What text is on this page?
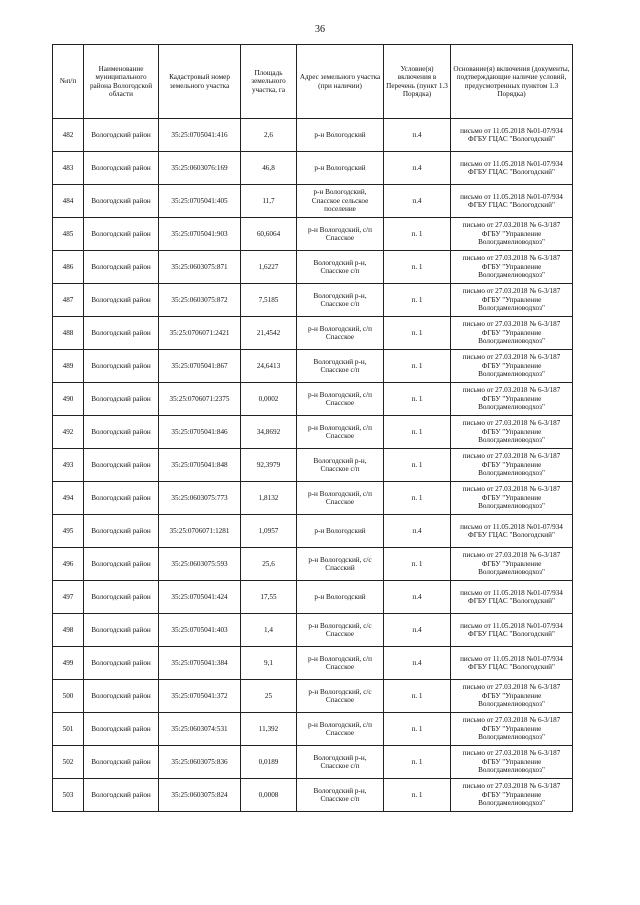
36
№п/п	Наименование муниципального района Вологодской области	Кадастровый номер земельного участка	Площадь земельного участка, га	Адрес земельного участка (при наличии)	Условие(я) включения в Перечень (пункт 1.3 Порядка)	Основание(я) включения (документы, подтверждающие наличие условий, предусмотренных пунктом 1.3 Порядка)
482	Вологодский район	35:25:0705041:416	2,6	р-н Вологодский	п.4	письмо от 11.05.2018 №01-07/934 ФГБУ ГЦАС "Вологодский"
483	Вологодский район	35:25:0603076:169	46,8	р-н Вологодский	п.4	письмо от 11.05.2018 №01-07/934 ФГБУ ГЦАС "Вологодский"
484	Вологодский район	35:25:0705041:405	11,7	р-н Вологодский, Спасское сельское поселение	п.4	письмо от 11.05.2018 №01-07/934 ФГБУ ГЦАС "Вологодский"
485	Вологодский район	35:25:0705041:903	60,6064	р-н Вологодский, с/п Спасское	п. 1	письмо от 27.03.2018 № 6-3/187 ФГБУ "Управление Вологдамелиоводхоз"
486	Вологодский район	35:25:0603075:871	1,6227	Вологодский р-н, Спасское с/п	п. 1	письмо от 27.03.2018 № 6-3/187 ФГБУ "Управление Вологдамелиоводхоз"
487	Вологодский район	35:25:0603075:872	7,5185	Вологодский р-н, Спасское с/п	п. 1	письмо от 27.03.2018 № 6-3/187 ФГБУ "Управление Вологдамелиоводхоз"
488	Вологодский район	35:25:0706071:2421	21,4542	р-н Вологодский, с/п Спасское	п. 1	письмо от 27.03.2018 № 6-3/187 ФГБУ "Управление Вологдамелиоводхоз"
489	Вологодский район	35:25:0705041:867	24,6413	Вологодский р-н, Спасское с/п	п. 1	письмо от 27.03.2018 № 6-3/187 ФГБУ "Управление Вологдамелиоводхоз"
490	Вологодский район	35:25:0706071:2375	0,0002	р-н Вологодский, с/п Спасское	п. 1	письмо от 27.03.2018 № 6-3/187 ФГБУ "Управление Вологдамелиоводхоз"
492	Вологодский район	35:25:0705041:846	34,8692	р-н Вологодский, с/п Спасское	п. 1	письмо от 27.03.2018 № 6-3/187 ФГБУ "Управление Вологдамелиоводхоз"
493	Вологодский район	35:25:0705041:848	92,3979	Вологодский р-н, Спасское с/п	п. 1	письмо от 27.03.2018 № 6-3/187 ФГБУ "Управление Вологдамелиоводхоз"
494	Вологодский район	35:25:0603075:773	1,8132	р-н Вологодский, с/п Спасское	п. 1	письмо от 27.03.2018 № 6-3/187 ФГБУ "Управление Вологдамелиоводхоз"
495	Вологодский район	35:25:0706071:1281	1,0957	р-н Вологодский	п.4	письмо от 11.05.2018 №01-07/934 ФГБУ ГЦАС "Вологодский"
496	Вологодский район	35:25:0603075:593	25,6	р-н Вологодский, с/с Спасский	п. 1	письмо от 27.03.2018 № 6-3/187 ФГБУ "Управление Вологдамелиоводхоз"
497	Вологодский район	35:25:0705041:424	17,55	р-н Вологодский	п.4	письмо от 11.05.2018 №01-07/934 ФГБУ ГЦАС "Вологодский"
498	Вологодский район	35:25:0705041:403	1,4	р-н Вологодский, с/с Спасское	п.4	письмо от 11.05.2018 №01-07/934 ФГБУ ГЦАС "Вологодский"
499	Вологодский район	35:25:0705041:384	9,1	р-н Вологодский, с/п Спасское	п.4	письмо от 11.05.2018 №01-07/934 ФГБУ ГЦАС "Вологодский"
500	Вологодский район	35:25:0705041:372	25	р-н Вологодский, с/с Спасское	п. 1	письмо от 27.03.2018 № 6-3/187 ФГБУ "Управление Вологдамелиоводхоз"
501	Вологодский район	35:25:0603074:531	11,392	р-н Вологодский, с/п Спасское	п. 1	письмо от 27.03.2018 № 6-3/187 ФГБУ "Управление Вологдамелиоводхоз"
502	Вологодский район	35:25:0603075:836	0,0189	Вологодский р-н, Спасское с/п	п. 1	письмо от 27.03.2018 № 6-3/187 ФГБУ "Управление Вологдамелиоводхоз"
503	Вологодский район	35:25:0603075:824	0,0008	Вологодский р-н, Спасское с/п	п. 1	письмо от 27.03.2018 № 6-3/187 ФГБУ "Управление Вологдамелиоводхоз"
